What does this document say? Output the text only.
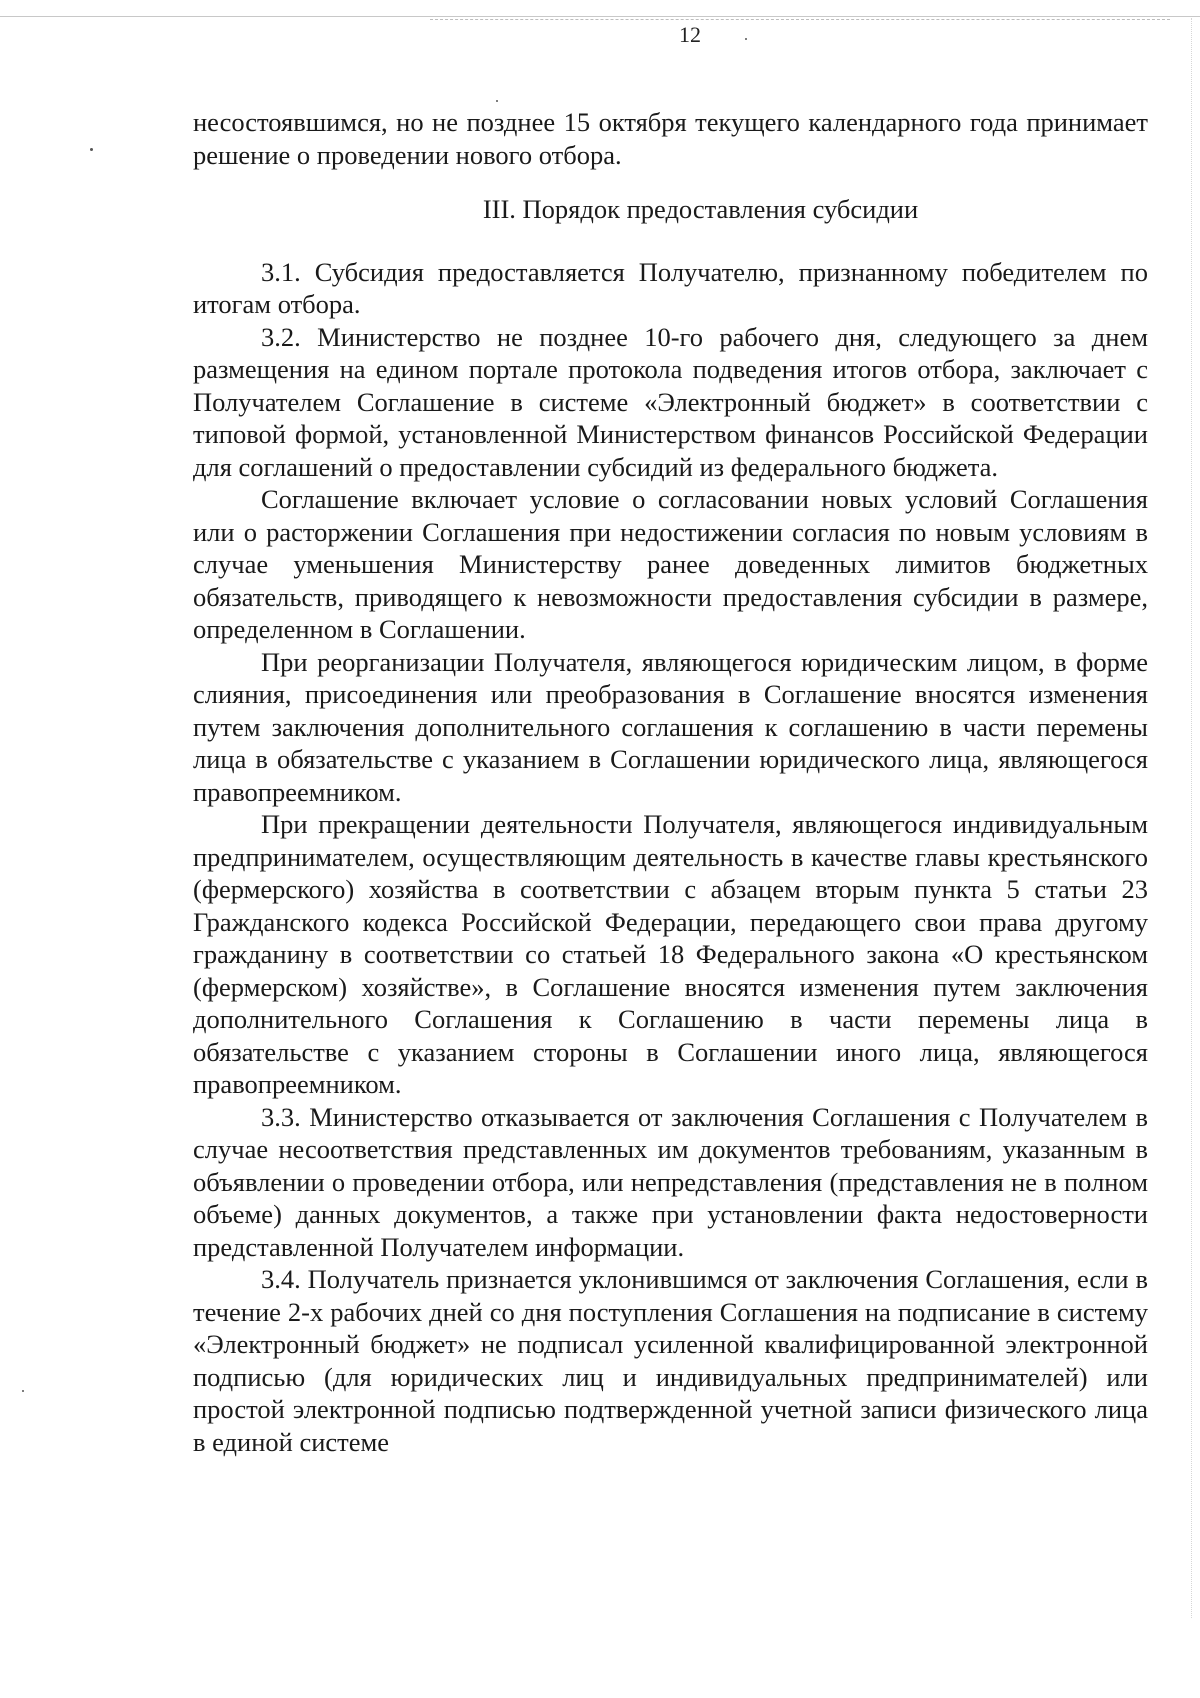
12

несостоявшимся, но не позднее 15 октября текущего календарного года принимает решение о проведении нового отбора.

III. Порядок предоставления субсидии

3.1. Субсидия предоставляется Получателю, признанному победителем по итогам отбора.

3.2. Министерство не позднее 10-го рабочего дня, следующего за днем размещения на едином портале протокола подведения итогов отбора, заключает с Получателем Соглашение в системе «Электронный бюджет» в соответствии с типовой формой, установленной Министерством финансов Российской Федерации для соглашений о предоставлении субсидий из федерального бюджета.

Соглашение включает условие о согласовании новых условий Соглашения или о расторжении Соглашения при недостижении согласия по новым условиям в случае уменьшения Министерству ранее доведенных лимитов бюджетных обязательств, приводящего к невозможности предоставления субсидии в размере, определенном в Соглашении.

При реорганизации Получателя, являющегося юридическим лицом, в форме слияния, присоединения или преобразования в Соглашение вносятся изменения путем заключения дополнительного соглашения к соглашению в части перемены лица в обязательстве с указанием в Соглашении юридического лица, являющегося правопреемником.

При прекращении деятельности Получателя, являющегося индивидуальным предпринимателем, осуществляющим деятельность в качестве главы крестьянского (фермерского) хозяйства в соответствии с абзацем вторым пункта 5 статьи 23 Гражданского кодекса Российской Федерации, передающего свои права другому гражданину в соответствии со статьей 18 Федерального закона «О крестьянском (фермерском) хозяйстве», в Соглашение вносятся изменения путем заключения дополнительного Соглашения к Соглашению в части перемены лица в обязательстве с указанием стороны в Соглашении иного лица, являющегося правопреемником.

3.3. Министерство отказывается от заключения Соглашения с Получателем в случае несоответствия представленных им документов требованиям, указанным в объявлении о проведении отбора, или непредставления (представления не в полном объеме) данных документов, а также при установлении факта недостоверности представленной Получателем информации.

3.4. Получатель признается уклонившимся от заключения Соглашения, если в течение 2-х рабочих дней со дня поступления Соглашения на подписание в систему «Электронный бюджет» не подписал усиленной квалифицированной электронной подписью (для юридических лиц и индивидуальных предпринимателей) или простой электронной подписью подтвержденной учетной записи физического лица в единой системе
